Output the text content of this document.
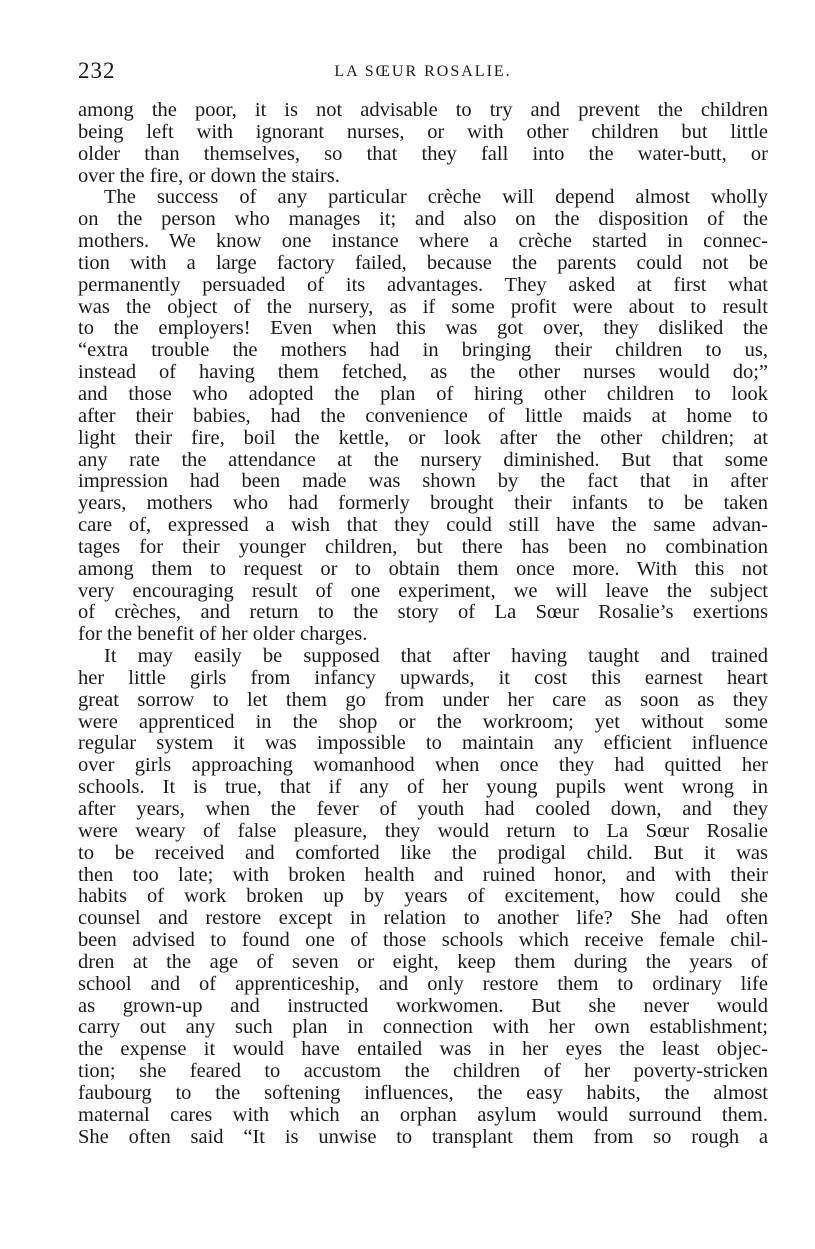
232	LA SŒUR ROSALIE.
among the poor, it is not advisable to try and prevent the children
being left with ignorant nurses, or with other children but little
older than themselves, so that they fall into the water-butt, or
over the fire, or down the stairs.
The success of any particular crèche will depend almost wholly
on the person who manages it; and also on the disposition of the
mothers. We know one instance where a crèche started in connec-
tion with a large factory failed, because the parents could not be
permanently persuaded of its advantages. They asked at first what
was the object of the nursery, as if some profit were about to result
to the employers! Even when this was got over, they disliked the
“extra trouble the mothers had in bringing their children to us,
instead of having them fetched, as the other nurses would do;”
and those who adopted the plan of hiring other children to look
after their babies, had the convenience of little maids at home to
light their fire, boil the kettle, or look after the other children; at
any rate the attendance at the nursery diminished. But that some
impression had been made was shown by the fact that in after
years, mothers who had formerly brought their infants to be taken
care of, expressed a wish that they could still have the same advan-
tages for their younger children, but there has been no combination
among them to request or to obtain them once more. With this not
very encouraging result of one experiment, we will leave the subject
of crèches, and return to the story of La Sœur Rosalie’s exertions
for the benefit of her older charges.
It may easily be supposed that after having taught and trained
her little girls from infancy upwards, it cost this earnest heart
great sorrow to let them go from under her care as soon as they
were apprenticed in the shop or the workroom; yet without some
regular system it was impossible to maintain any efficient influence
over girls approaching womanhood when once they had quitted her
schools. It is true, that if any of her young pupils went wrong in
after years, when the fever of youth had cooled down, and they
were weary of false pleasure, they would return to La Sœur Rosalie
to be received and comforted like the prodigal child. But it was
then too late; with broken health and ruined honor, and with their
habits of work broken up by years of excitement, how could she
counsel and restore except in relation to another life? She had often
been advised to found one of those schools which receive female chil-
dren at the age of seven or eight, keep them during the years of
school and of apprenticeship, and only restore them to ordinary life
as grown-up and instructed workwomen. But she never would
carry out any such plan in connection with her own establishment;
the expense it would have entailed was in her eyes the least objec-
tion; she feared to accustom the children of her poverty-stricken
faubourg to the softening influences, the easy habits, the almost
maternal cares with which an orphan asylum would surround them.
She often said “It is unwise to transplant them from so rough a
